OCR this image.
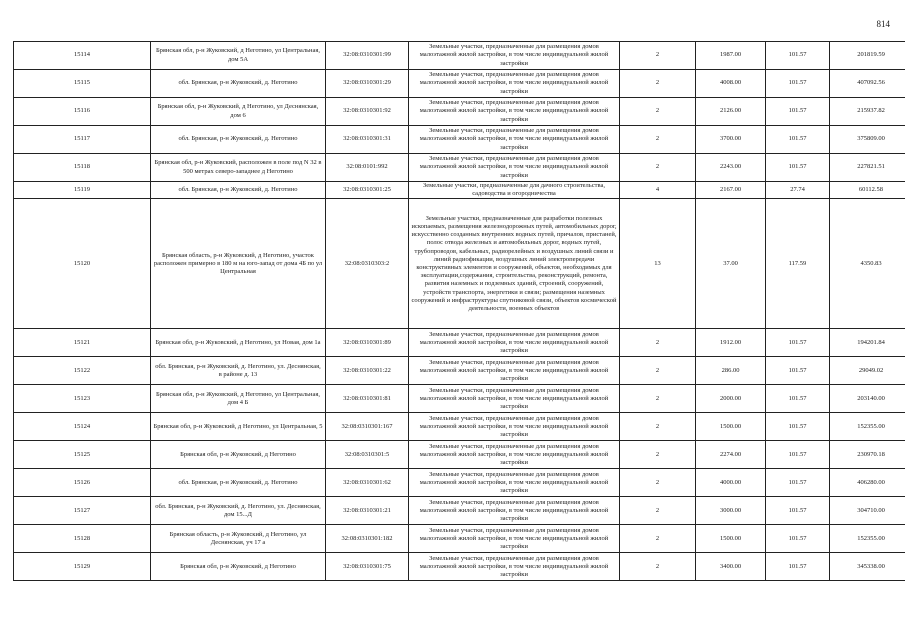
814
15114	Брянская обл, р-н Жуковский, д Неготино, ул Центральная, дом 5А	32:08:0310301:99	Земельные участки, предназначенные для размещения домов малоэтажной жилой застройки, в том числе индивидуальной жилой застройки	2	1987.00	101.57	201819.59
15115	обл. Брянская, р-н Жуковский, д. Неготино	32:08:0310301:29	Земельные участки, предназначенные для размещения домов малоэтажной жилой застройки, в том числе индивидуальной жилой застройки	2	4008.00	101.57	407092.56
15116	Брянская обл, р-н Жуковский, д Неготино, ул Деснянская, дом 6	32:08:0310301:92	Земельные участки, предназначенные для размещения домов малоэтажной жилой застройки, в том числе индивидуальной жилой застройки	2	2126.00	101.57	215937.82
15117	обл. Брянская, р-н Жуковский, д. Неготино	32:08:0310301:31	Земельные участки, предназначенные для размещения домов малоэтажной жилой застройки, в том числе индивидуальной жилой застройки	2	3700.00	101.57	375809.00
15118	Брянская обл, р-н Жуковский, расположен в поле под N 32 в 500 метрах северо-западнее д Неготино	32:08:0101:992	Земельные участки, предназначенные для размещения домов малоэтажной жилой застройки, в том числе индивидуальной жилой застройки	2	2243.00	101.57	227821.51
15119	обл. Брянская, р-н Жуковский, д. Неготино	32:08:0310301:25	Земельные участки, предназначенные для дачного строительства, садоводства и огородничества	4	2167.00	27.74	60112.58
15120	Брянская область, р-н Жуковский, д Неготино, участок расположен примерно в 180 м на юго-запад от дома 4Б по ул Центральная	32:08:0310303:2	Земельные участки, предназначенные для разработки полезных ископаемых, размещения железнодорожных путей, автомобильных дорог, искусственно созданных внутренних водных путей, причалов, пристаней, полос отвода железных и автомобильных дорог, водных путей, трубопроводов, кабельных, радиорелейных и воздушных линий связи и линий радиофикации, воздушных линий электропередачи конструктивных элементов и сооружений, объектов, необходимых для эксплуатации,содержания, строительства, реконструкций, ремонта, развития наземных и подземных зданий, строений, сооружений, устройств транспорта, энергетики и связи; размещения наземных сооружений и инфраструктуры спутниковой связи, объектов космической деятельности, военных объектов	13	37.00	117.59	4350.83
15121	Брянская обл, р-н Жуковский, д Неготино, ул Новая, дом 1а	32:08:0310301:89	Земельные участки, предназначенные для размещения домов малоэтажной жилой застройки, в том числе индивидуальной жилой застройки	2	1912.00	101.57	194201.84
15122	обл. Брянская, р-н Жуковский, д. Неготино, ул. Деснянская, в районе д. 13	32:08:0310301:22	Земельные участки, предназначенные для размещения домов малоэтажной жилой застройки, в том числе индивидуальной жилой застройки	2	286.00	101.57	29049.02
15123	Брянская обл, р-н Жуковский, д Неготино, ул Центральная, дом 4 Б	32:08:0310301:81	Земельные участки, предназначенные для размещения домов малоэтажной жилой застройки, в том числе индивидуальной жилой застройки	2	2000.00	101.57	203140.00
15124	Брянская обл, р-н Жуковский, д Неготино, ул Центральная, 5	32:08:0310301:167	Земельные участки, предназначенные для размещения домов малоэтажной жилой застройки, в том числе индивидуальной жилой застройки	2	1500.00	101.57	152355.00
15125	Брянская обл, р-н Жуковский, д Неготино	32:08:0310301:5	Земельные участки, предназначенные для размещения домов малоэтажной жилой застройки, в том числе индивидуальной жилой застройки	2	2274.00	101.57	230970.18
15126	обл. Брянская, р-н Жуковский, д. Неготино	32:08:0310301:62	Земельные участки, предназначенные для размещения домов малоэтажной жилой застройки, в том числе индивидуальной жилой застройки	2	4000.00	101.57	406280.00
15127	обл. Брянская, р-н Жуковский, д. Неготино, ул. Деснянская, дом 15...Д	32:08:0310301:21	Земельные участки, предназначенные для размещения домов малоэтажной жилой застройки, в том числе индивидуальной жилой застройки	2	3000.00	101.57	304710.00
15128	Брянская область, р-н Жуковский, д Неготино, ул Деснянская, уч 17 а	32:08:0310301:182	Земельные участки, предназначенные для размещения домов малоэтажной жилой застройки, в том числе индивидуальной жилой застройки	2	1500.00	101.57	152355.00
15129	Брянская обл, р-н Жуковский, д Неготино	32:08:0310301:75	Земельные участки, предназначенные для размещения домов малоэтажной жилой застройки, в том числе индивидуальной жилой застройки	2	3400.00	101.57	345338.00
